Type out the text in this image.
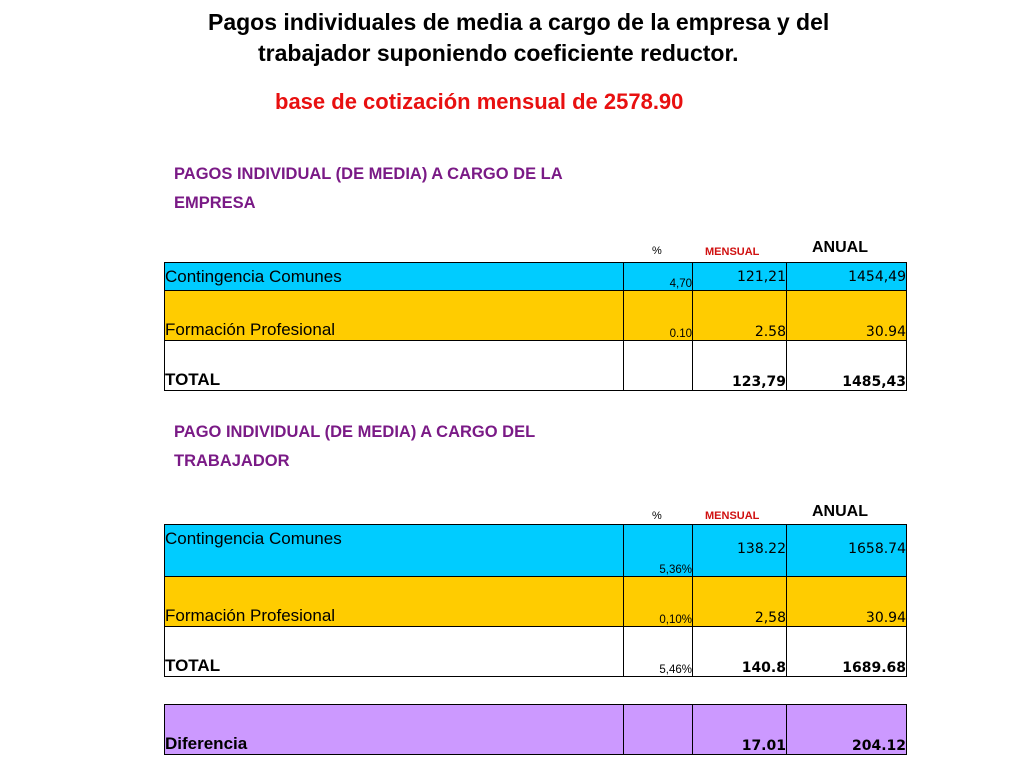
Pagos individuales de media a cargo de la empresa y del
trabajador suponiendo coeficiente reductor.
base de cotización mensual de 2578.90
PAGOS INDIVIDUAL (DE MEDIA) A CARGO DE LA EMPRESA
%	MENSUAL	ANUAL
Contingencia Comunes	4,70	121,21	1454,49
Formación Profesional	0.10	2.58	30.94
TOTAL		123,79	1485,43
PAGO INDIVIDUAL (DE MEDIA) A CARGO DEL TRABAJADOR
%	MENSUAL	ANUAL
Contingencia Comunes	5,36%	138.22	1658.74
Formación Profesional	0,10%	2,58	30.94
TOTAL	5,46%	140.8	1689.68
Diferencia		17.01	204.12
